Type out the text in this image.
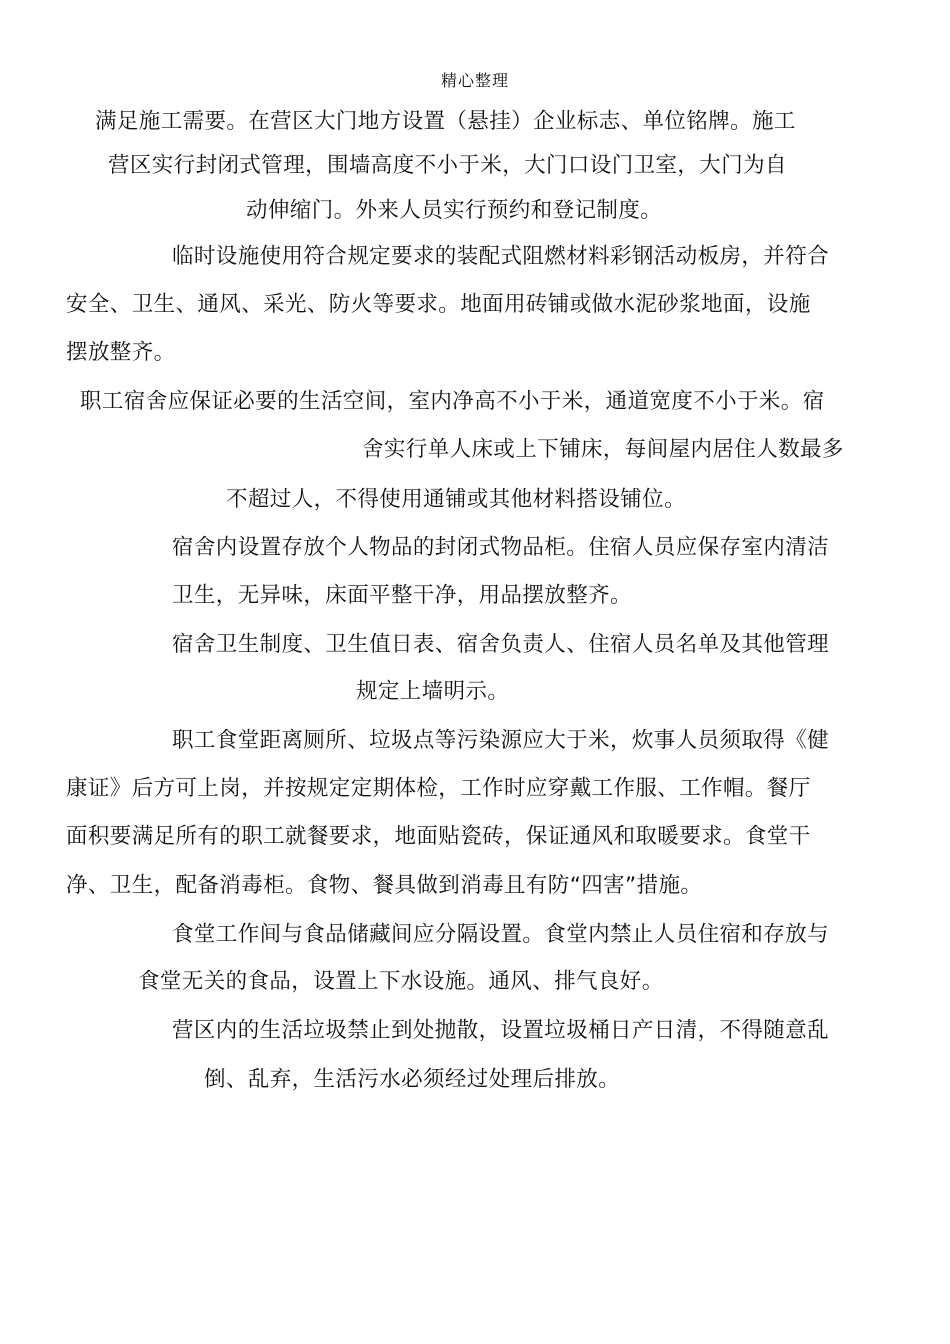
精心整理
满足施工需要。在营区大门地方设置（悬挂）企业标志、单位铭牌。施工
营区实行封闭式管理，围墙高度不小于米，大门口设门卫室，大门为自
动伸缩门。外来人员实行预约和登记制度。
临时设施使用符合规定要求的装配式阻燃材料彩钢活动板房，并符合
安全、卫生、通风、采光、防火等要求。地面用砖铺或做水泥砂浆地面，设施
摆放整齐。
职工宿舍应保证必要的生活空间，室内净高不小于米，通道宽度不小于米。宿
舍实行单人床或上下铺床，每间屋内居住人数最多
不超过人，不得使用通铺或其他材料搭设铺位。
宿舍内设置存放个人物品的封闭式物品柜。住宿人员应保存室内清洁
卫生，无异味，床面平整干净，用品摆放整齐。
宿舍卫生制度、卫生值日表、宿舍负责人、住宿人员名单及其他管理
规定上墙明示。
职工食堂距离厕所、垃圾点等污染源应大于米，炊事人员须取得《健
康证》后方可上岗，并按规定定期体检，工作时应穿戴工作服、工作帽。餐厅
面积要满足所有的职工就餐要求，地面贴瓷砖，保证通风和取暖要求。食堂干
净、卫生，配备消毒柜。食物、餐具做到消毒且有防“四害”措施。
食堂工作间与食品储藏间应分隔设置。食堂内禁止人员住宿和存放与
食堂无关的食品，设置上下水设施。通风、排气良好。
营区内的生活垃圾禁止到处抛散，设置垃圾桶日产日清，不得随意乱
倒、乱弃，生活污水必须经过处理后排放。
